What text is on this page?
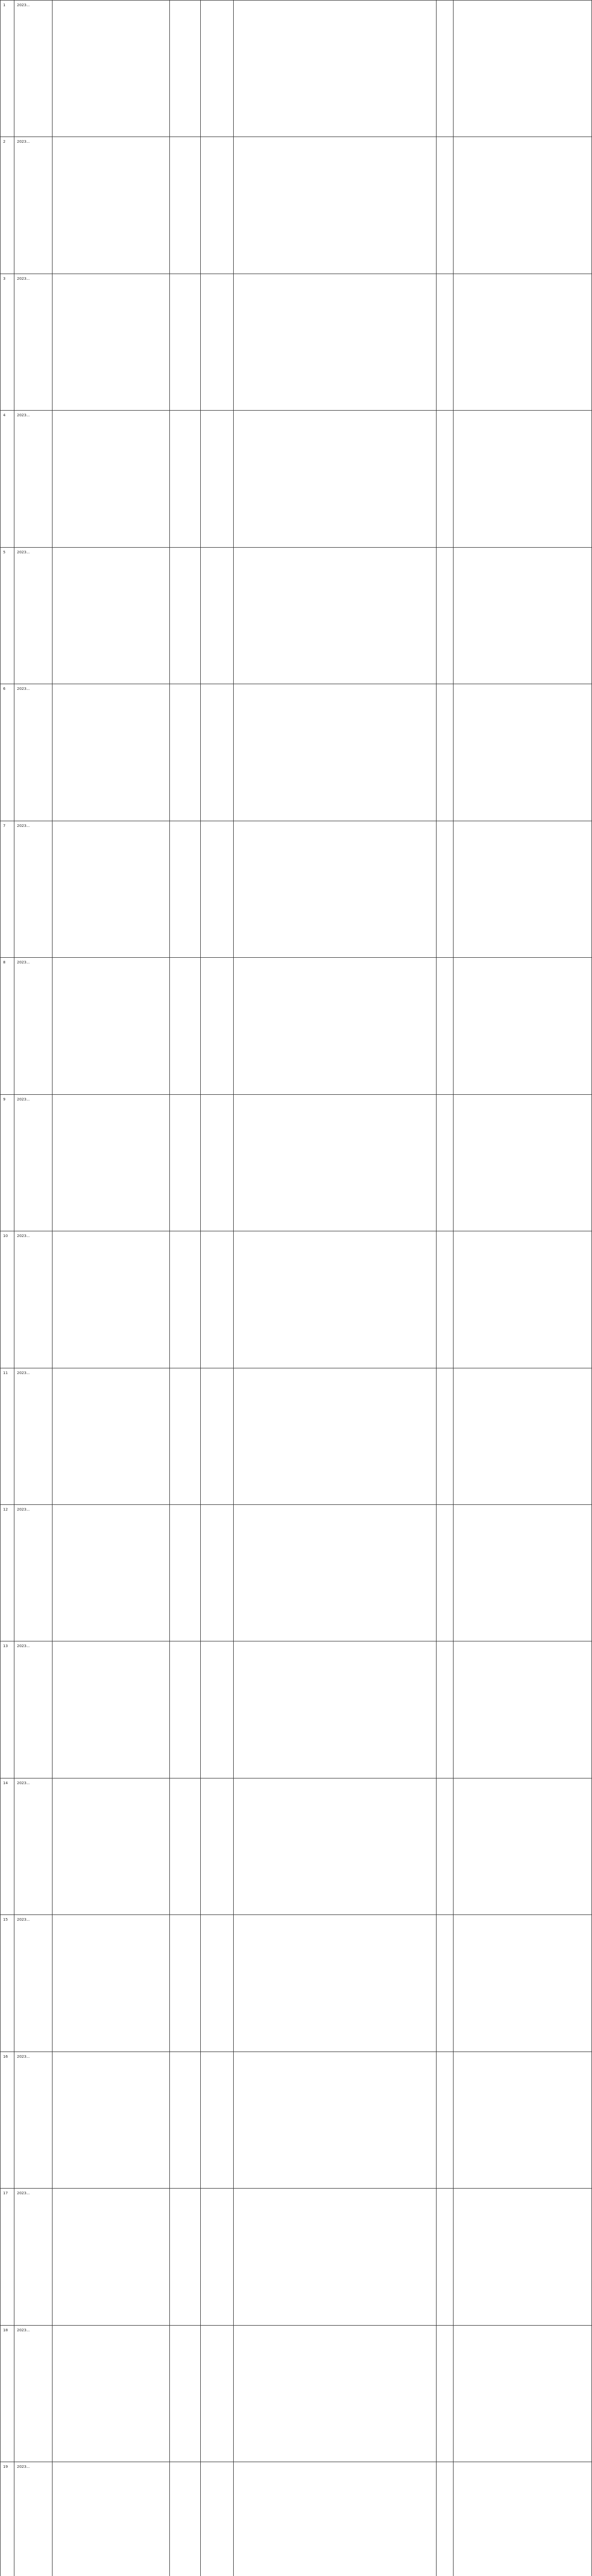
1	2023...						
2	2023...						
3	2023...						
4	2023...						
5	2023...						
6	2023...						
7	2023...						
8	2023...						
9	2023...						
10	2023...						
11	2023...						
12	2023...						
13	2023...						
14	2023...						
15	2023...						
16	2023...						
17	2023...						
18	2023...						
19	2023...						
